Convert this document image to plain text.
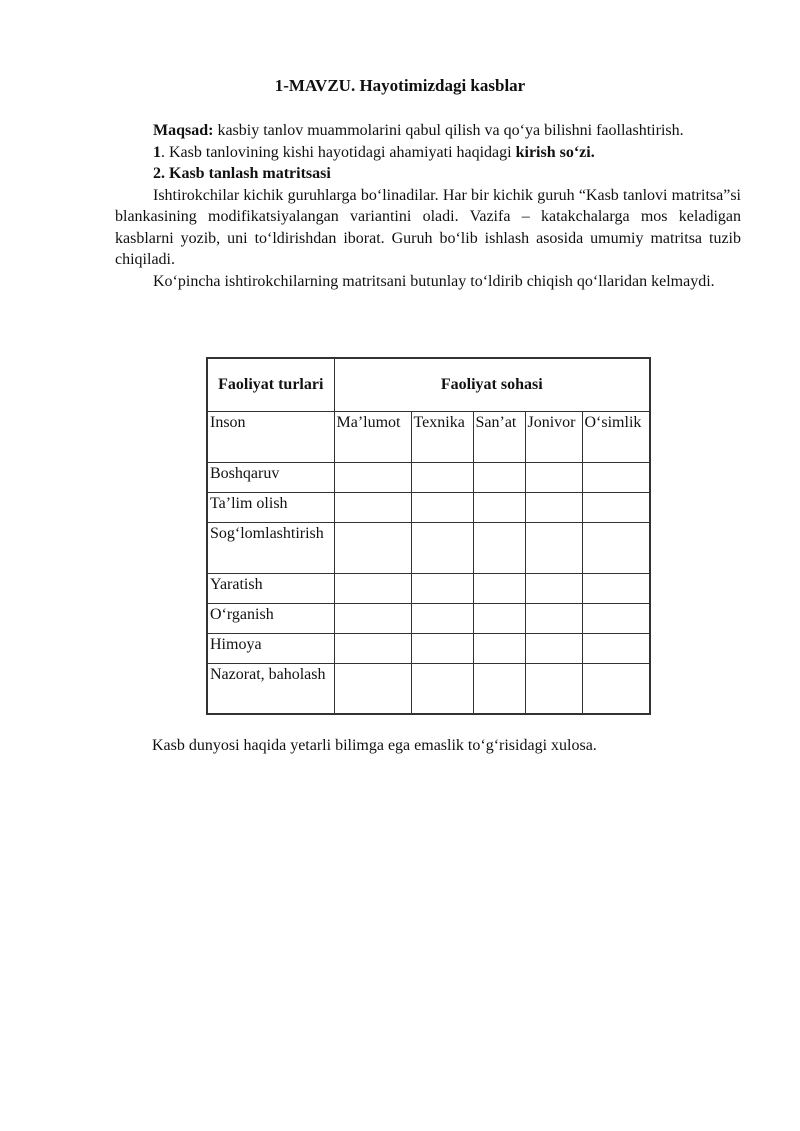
1-MAVZU. Hayotimizdagi kasblar

Maqsad: kasbiy tanlov muammolarini qabul qilish va qo‘ya bilishni faollashtirish.

1. Kasb tanlovining kishi hayotidagi ahamiyati haqidagi kirish so‘zi.

2. Kasb tanlash matritsasi

Ishtirokchilar kichik guruhlarga bo‘linadilar. Har bir kichik guruh “Kasb tanlovi matritsa”si blankasining modifikatsiyalangan variantini oladi. Vazifa – katakchalarga mos keladigan kasblarni yozib, uni to‘ldirishdan iborat. Guruh bo‘lib ishlash asosida umumiy matritsa tuzib chiqiladi.

Ko‘pincha ishtirokchilarning matritsani butunlay to‘ldirib chiqish qo‘llaridan kelmaydi.

Faoliyat turlari	Faoliyat sohasi				
Inson	Ma’lumot	Texnika	San’at	Jonivor	O‘simlik
Boshqaruv					
Ta’lim olish					
Sog‘lomlashtirish					
Yaratish					
O‘rganish					
Himoya					
Nazorat, baholash					
Kasb dunyosi haqida yetarli bilimga ega emaslik to‘g‘risidagi xulosa.
